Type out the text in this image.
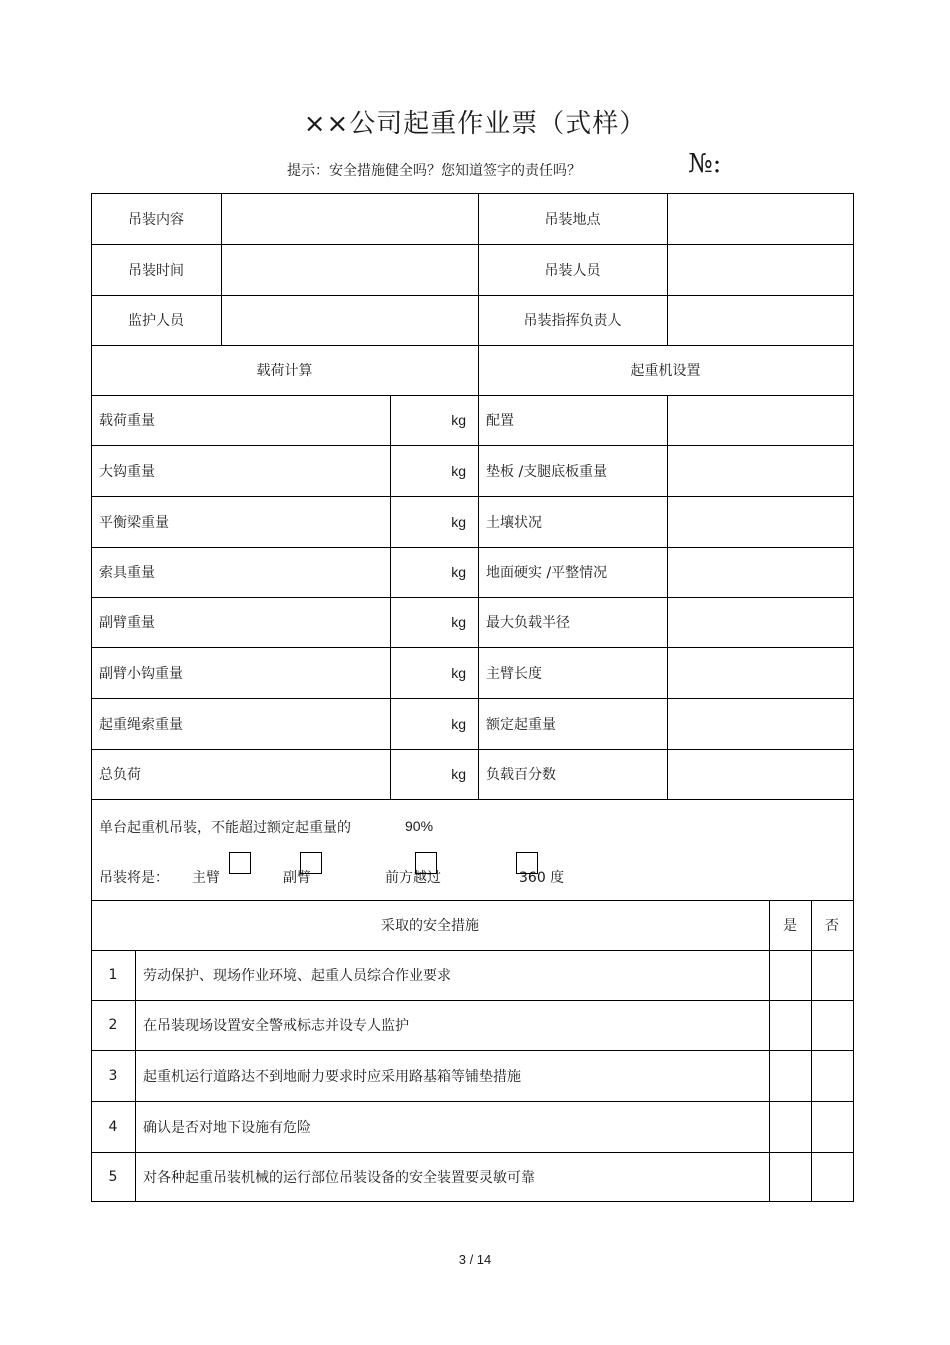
××公司起重作业票（式样）
提示：安全措施健全吗？您知道签字的责任吗？	№:
吊装内容	吊装地点
吊装时间	吊装人员
监护人员	吊装指挥负责人
载荷计算	起重机设置
载荷重量	kg	配置
大钩重量	kg	垫板 /支腿底板重量
平衡梁重量	kg	土壤状况
索具重量	kg	地面硬实 /平整情况
副臂重量	kg	最大负载半径
副臂小钩重量	kg	主臂长度
起重绳索重量	kg	额定起重量
总负荷	kg	负载百分数
单台起重机吊装，不能超过额定起重量的	90%
吊装将是： 主臂	副臂	前方越过	360 度
采取的安全措施	是	否
1	劳动保护、现场作业环境、起重人员综合作业要求
2	在吊装现场设置安全警戒标志并设专人监护
3	起重机运行道路达不到地耐力要求时应采用路基箱等铺垫措施
4	确认是否对地下设施有危险
5	对各种起重吊装机械的运行部位吊装设备的安全装置要灵敏可靠
3 / 14
